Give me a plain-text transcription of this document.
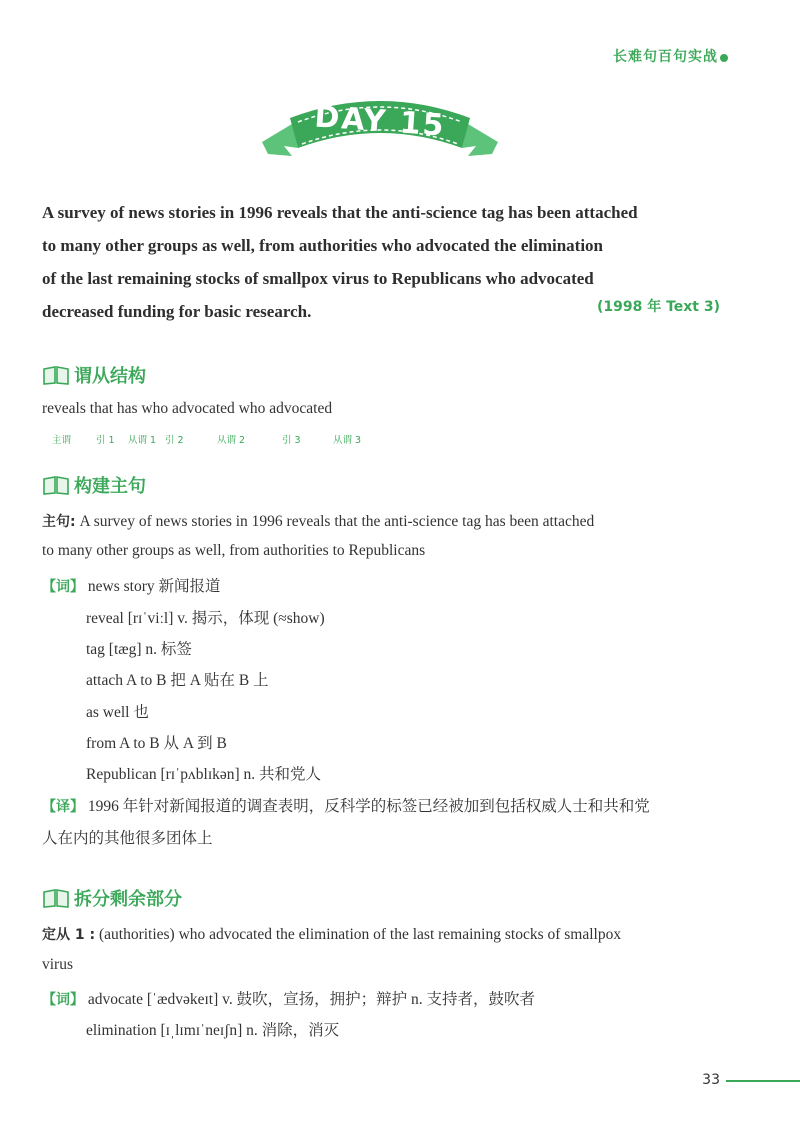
长难句百句实战
DAY 15
A survey of news stories in 1996 reveals that the anti-science tag has been attached
to many other groups as well, from authorities who advocated the elimination
of the last remaining stocks of smallpox virus to Republicans who advocated
decreased funding for basic research.	(1998 年 Text 3)
谓从结构
reveals that has who advocated who advocated
主谓	引 1 从谓 1 引 2	从谓 2	引 3	从谓 3
构建主句
主句: A survey of news stories in 1996 reveals that the anti-science tag has been attached
to many other groups as well, from authorities to Republicans
【词】 news story 新闻报道
reveal [rɪˈviːl] v. 揭示，体现 (≈show)
tag [tæg] n. 标签
attach A to B 把 A 贴在 B 上
as well 也
from A to B 从 A 到 B
Republican [rɪˈpʌblɪkən] n. 共和党人
【译】 1996 年针对新闻报道的调查表明，反科学的标签已经被加到包括权威人士和共和党
人在内的其他很多团体上
拆分剩余部分
定从 1 : (authorities) who advocated the elimination of the last remaining stocks of smallpox
virus
【词】 advocate [ˈædvəkeɪt] v. 鼓吹，宣扬，拥护；辩护 n. 支持者，鼓吹者
elimination [ɪˌlɪmɪˈneɪʃn] n. 消除，消灭
33
